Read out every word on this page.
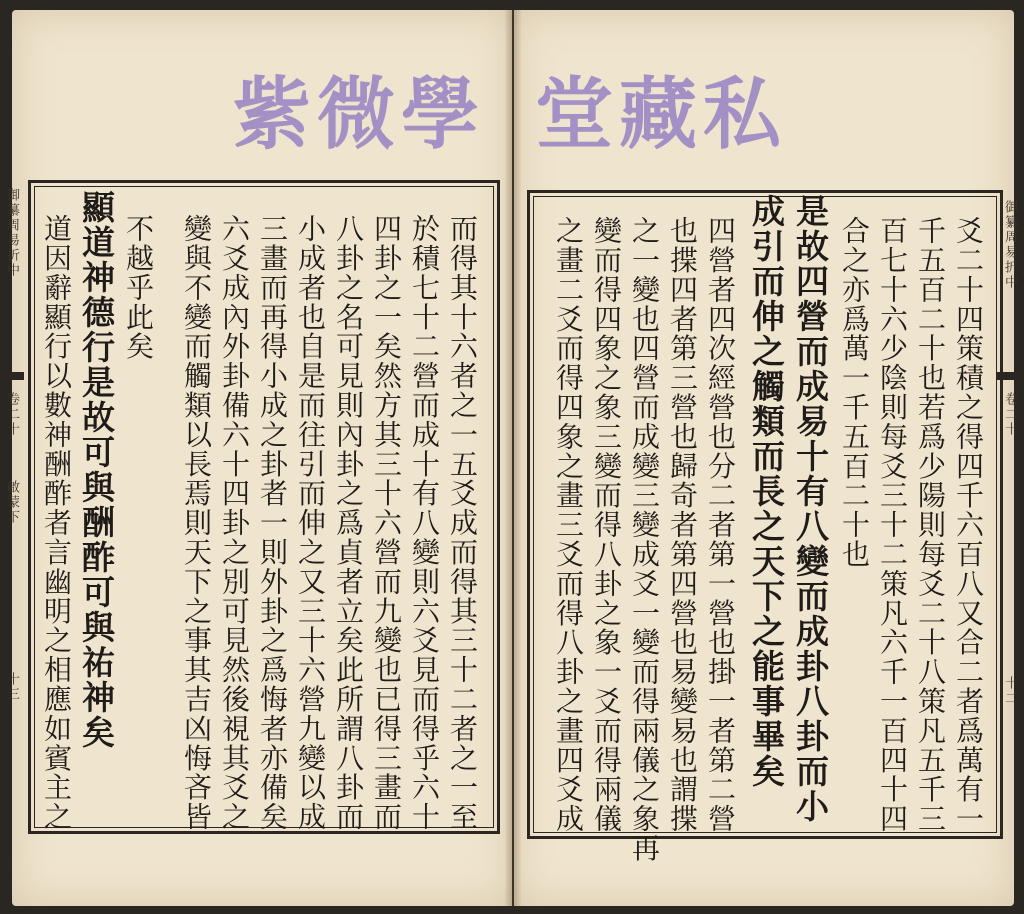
紫微學 堂藏私
御纂周易折中
卷二十
啟蒙下
十三	而得其十六者之一五爻成而得其三十二者之一至
於積七十二營而成十有八變則六爻見而得乎六十
四卦之一矣然方其三十六營而九變也已得三畫而
八卦之名可見則內卦之爲貞者立矣此所謂八卦而
小成者也自是而往引而伸之又三十六營九變以成
三畫而再得小成之卦者一則外卦之爲悔者亦備矣
六爻成內外卦備六十四卦之別可見然後視其爻之
變與不變而觸類以長焉則天下之事其吉凶悔吝皆
不越乎此矣
顯道神德行是故可與酬酢可與祐神矣
道因辭顯行以數神酬酢者言幽明之相應如賓主之	御纂周易折中
卷二十
十二
爻二十四策積之得四千六百八又合二者爲萬有一
千五百二十也若爲少陽則每爻二十八策凡五千三
百七十六少陰則每爻三十二策凡六千一百四十四
合之亦爲萬一千五百二十也
是故四營而成易十有八變而成卦八卦而小
成引而伸之觸類而長之天下之能事畢矣
四營者四次經營也分二者第一營也掛一者第二營
也揲四者第三營也歸奇者第四營也易變易也謂揲
之一變也四營而成變三變成爻一變而得兩儀之象再
變而得四象之象三變而得八卦之象一爻而得兩儀
之畫二爻而得四象之畫三爻而得八卦之畫四爻成
